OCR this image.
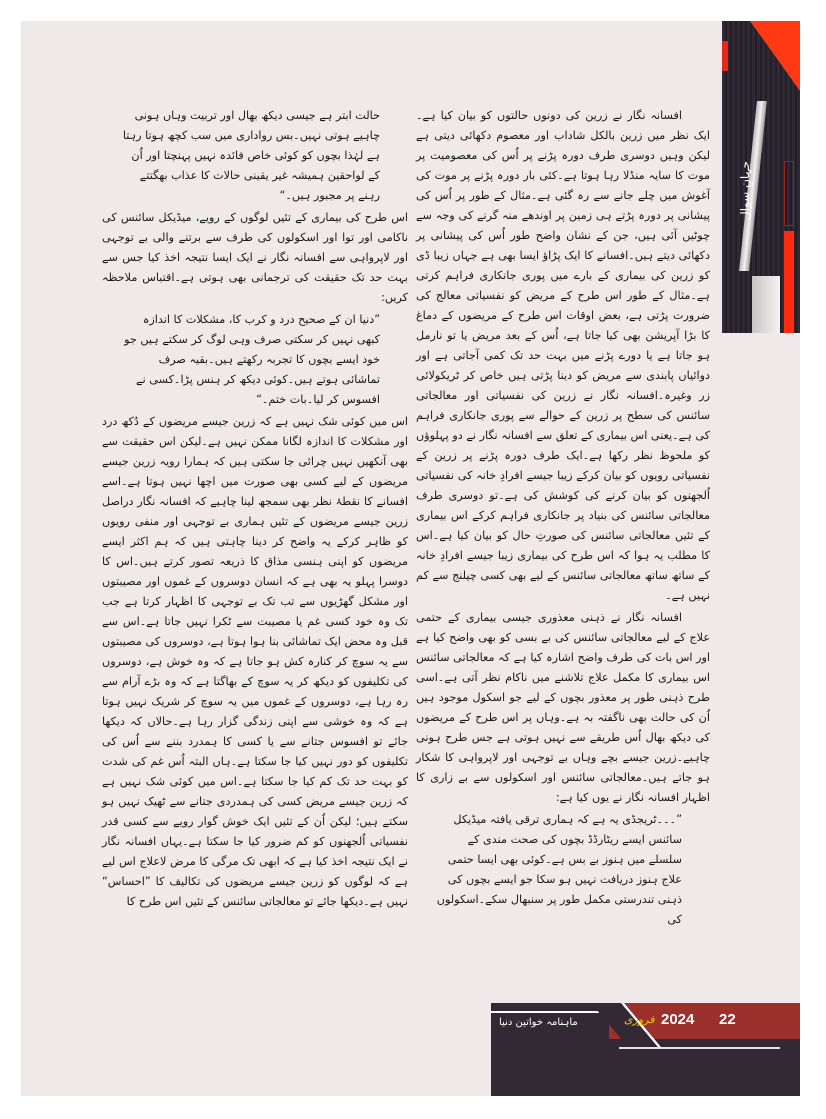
جہانِ سوال

افسانہ نگار نے زرین کی دونوں حالتوں کو بیان کیا ہے۔ایک نظر میں زرین بالکل شاداب اور معصوم دکھائی دیتی ہے لیکن وہیں دوسری طرف دورہ پڑنے پر اُس کی معصومیت پر موت کا سایہ منڈلا رہا ہوتا ہے۔کئی بار دورہ پڑنے پر موت کی آغوش میں چلے جانے سے رہ گئی ہے۔مثال کے طور پر اُس کی پیشانی پر دورہ پڑتے ہی زمین پر اوندھے منہ گرنے کی وجہ سے چوٹیں آئی ہیں، جن کے نشان واضح طور اُس کی پیشانی پر دکھائی دیتے ہیں۔افسانے کا ایک پڑاؤ ایسا بھی ہے جہاں زیبا ڈی کو زرین کی بیماری کے بارے میں پوری جانکاری فراہم کرتی ہے۔مثال کے طور اس طرح کے مریض کو نفسیاتی معالج کی ضرورت پڑتی ہے، بعض اوقات اس طرح کے مریضوں کے دماغ کا بڑا آپریشن بھی کیا جاتا ہے، اُس کے بعد مریض یا تو نارمل ہو جاتا ہے یا دورے پڑنے میں بہت حد تک کمی آجاتی ہے اور دوائیاں پابندی سے مریض کو دینا پڑتی ہیں خاص کر ٹریکولائی زر وغیرہ۔افسانہ نگار نے زرین کی نفسیاتی اور معالجاتی سائنس کی سطح پر زرین کے حوالے سے پوری جانکاری فراہم کی ہے۔یعنی اس بیماری کے تعلق سے افسانہ نگار نے دو پہلوؤں کو ملحوظ نظر رکھا ہے۔ایک طرف دورہ پڑنے پر زرین کے نفسیاتی رویوں کو بیان کرکے زیبا جیسے افرادِ خانہ کی نفسیاتی اُلجھنوں کو بیان کرنے کی کوشش کی ہے۔تو دوسری طرف معالجاتی سائنس کی بنیاد پر جانکاری فراہم کرکے اس بیماری کے تئیں معالجاتی سائنس کی صورتِ حال کو بیان کیا ہے۔اس کا مطلب یہ ہوا کہ اس طرح کی بیماری زیبا جیسے افرادِ خانہ کے ساتھ ساتھ معالجاتی سائنس کے لیے بھی کسی چیلنج سے کم نہیں ہے۔

افسانہ نگار نے ذہنی معذوری جیسی بیماری کے حتمی علاج کے لیے معالجاتی سائنس کی بے بسی کو بھی واضح کیا ہے اور اس بات کی طرف واضح اشارہ کیا ہے کہ معالجاتی سائنس اس بیماری کا مکمل علاج تلاشنے میں ناکام نظر آتی ہے۔اسی طرح ذہنی طور پر معذور بچوں کے لیے جو اسکول موجود ہیں اُن کی حالت بھی ناگفتہ بہ ہے۔وہاں پر اس طرح کے مریضوں کی دیکھ بھال اُس طریقے سے نہیں ہوتی ہے جس طرح ہونی چاہیے۔زرین جیسے بچے وہاں بے توجہی اور لاپرواہی کا شکار ہو جاتے ہیں۔معالجاتی سائنس اور اسکولوں سے بے زاری کا اظہار افسانہ نگار نے یوں کیا ہے:

”۔۔۔ٹریجڈی یہ ہے کہ ہماری ترقی یافتہ میڈیکل سائنس ایسے ریٹارڈڈ بچوں کی صحت مندی کے سلسلے میں ہنوز بے بس ہے۔کوئی بھی ایسا حتمی علاج ہنوز دریافت نہیں ہو سکا جو ایسے بچوں کی ذہنی تندرستی مکمل طور پر سنبھال سکے۔اسکولوں کی

حالت ابتر ہے جیسی دیکھ بھال اور تربیت وہاں ہونی چاہیے ہوتی نہیں۔بس رواداری میں سب کچھ ہوتا رہتا ہے لہٰذا بچوں کو کوئی خاص فائدہ نہیں پہنچتا اور اُن کے لواحقین ہمیشہ غیر یقینی حالات کا عذاب بھگتتے رہنے پر مجبور ہیں۔“

اس طرح کی بیماری کے تئیں لوگوں کے رویے، میڈیکل سائنس کی ناکامی اور توا اور اسکولوں کی طرف سے برتنے والی بے توجہی اور لاپرواہی سے افسانہ نگار نے ایک ایسا نتیجہ اخذ کیا جس سے بہت حد تک حقیقت کی ترجمانی بھی ہوتی ہے۔اقتباس ملاحظہ کریں:

”دنیا ان کے صحیح درد و کرب کا، مشکلات کا اندازہ کبھی نہیں کر سکتی صرف وہی لوگ کر سکتے ہیں جو خود ایسے بچوں کا تجربہ رکھتے ہیں۔بقیہ صرف تماشائی ہوتے ہیں۔کوئی دیکھ کر ہنس پڑا۔کسی نے افسوس کر لیا۔بات ختم۔“

اس میں کوئی شک نہیں ہے کہ زرین جیسے مریضوں کے دُکھ درد اور مشکلات کا اندازہ لگانا ممکن نہیں ہے۔لیکن اس حقیقت سے بھی آنکھیں نہیں چرائی جا سکتی ہیں کہ ہمارا رویہ زرین جیسے مریضوں کے لیے کسی بھی صورت میں اچھا نہیں ہوتا ہے۔اسے افسانے کا نقطۂ نظر بھی سمجھ لینا چاہیے کہ افسانہ نگار دراصل زرین جیسے مریضوں کے تئیں ہماری بے توجہی اور منفی رویوں کو ظاہر کرکے یہ واضح کر دینا چاہتی ہیں کہ ہم اکثر ایسے مریضوں کو اپنی ہنسی مذاق کا ذریعہ تصور کرتے ہیں۔اس کا دوسرا پہلو یہ بھی ہے کہ انسان دوسروں کے غموں اور مصیبتوں اور مشکل گھڑیوں سے تب تک بے توجہی کا اظہار کرتا ہے جب تک وہ خود کسی غم یا مصیبت سے ٹکرا نہیں جاتا ہے۔اس سے قبل وہ محض ایک تماشائی بنا ہوا ہوتا ہے، دوسروں کی مصیبتوں سے یہ سوچ کر کنارہ کش ہو جاتا ہے کہ وہ خوش ہے، دوسروں کی تکلیفوں کو دیکھ کر یہ سوچ کے بھاگتا ہے کہ وہ بڑے آرام سے رہ رہا ہے، دوسروں کے غموں میں یہ سوچ کر شریک نہیں ہوتا ہے کہ وہ خوشی سے اپنی زندگی گزار رہا ہے۔حالاں کہ دیکھا جائے تو افسوس جتانے سے یا کسی کا ہمدرد بننے سے اُس کی تکلیفوں کو دور نہیں کیا جا سکتا ہے۔ہاں البتہ اُس غم کی شدت کو بہت حد تک کم کیا جا سکتا ہے۔اس میں کوئی شک نہیں ہے کہ زرین جیسے مریض کسی کی ہمدردی جتانے سے ٹھیک نہیں ہو سکتے ہیں؛ لیکن اُن کے تئیں ایک خوش گوار رویے سے کسی قدر نفسیاتی اُلجھنوں کو کم ضرور کیا جا سکتا ہے۔یہاں افسانہ نگار نے ایک نتیجہ اخذ کیا ہے کہ ابھی تک مرگی کا مرض لاعلاج اس لیے ہے کہ لوگوں کو زرین جیسے مریضوں کی تکالیف کا ”احساس“ نہیں ہے۔دیکھا جائے تو معالجاتی سائنس کے تئیں اس طرح کا

ماہنامہ خواتین دنیا	فروری 2024 22
